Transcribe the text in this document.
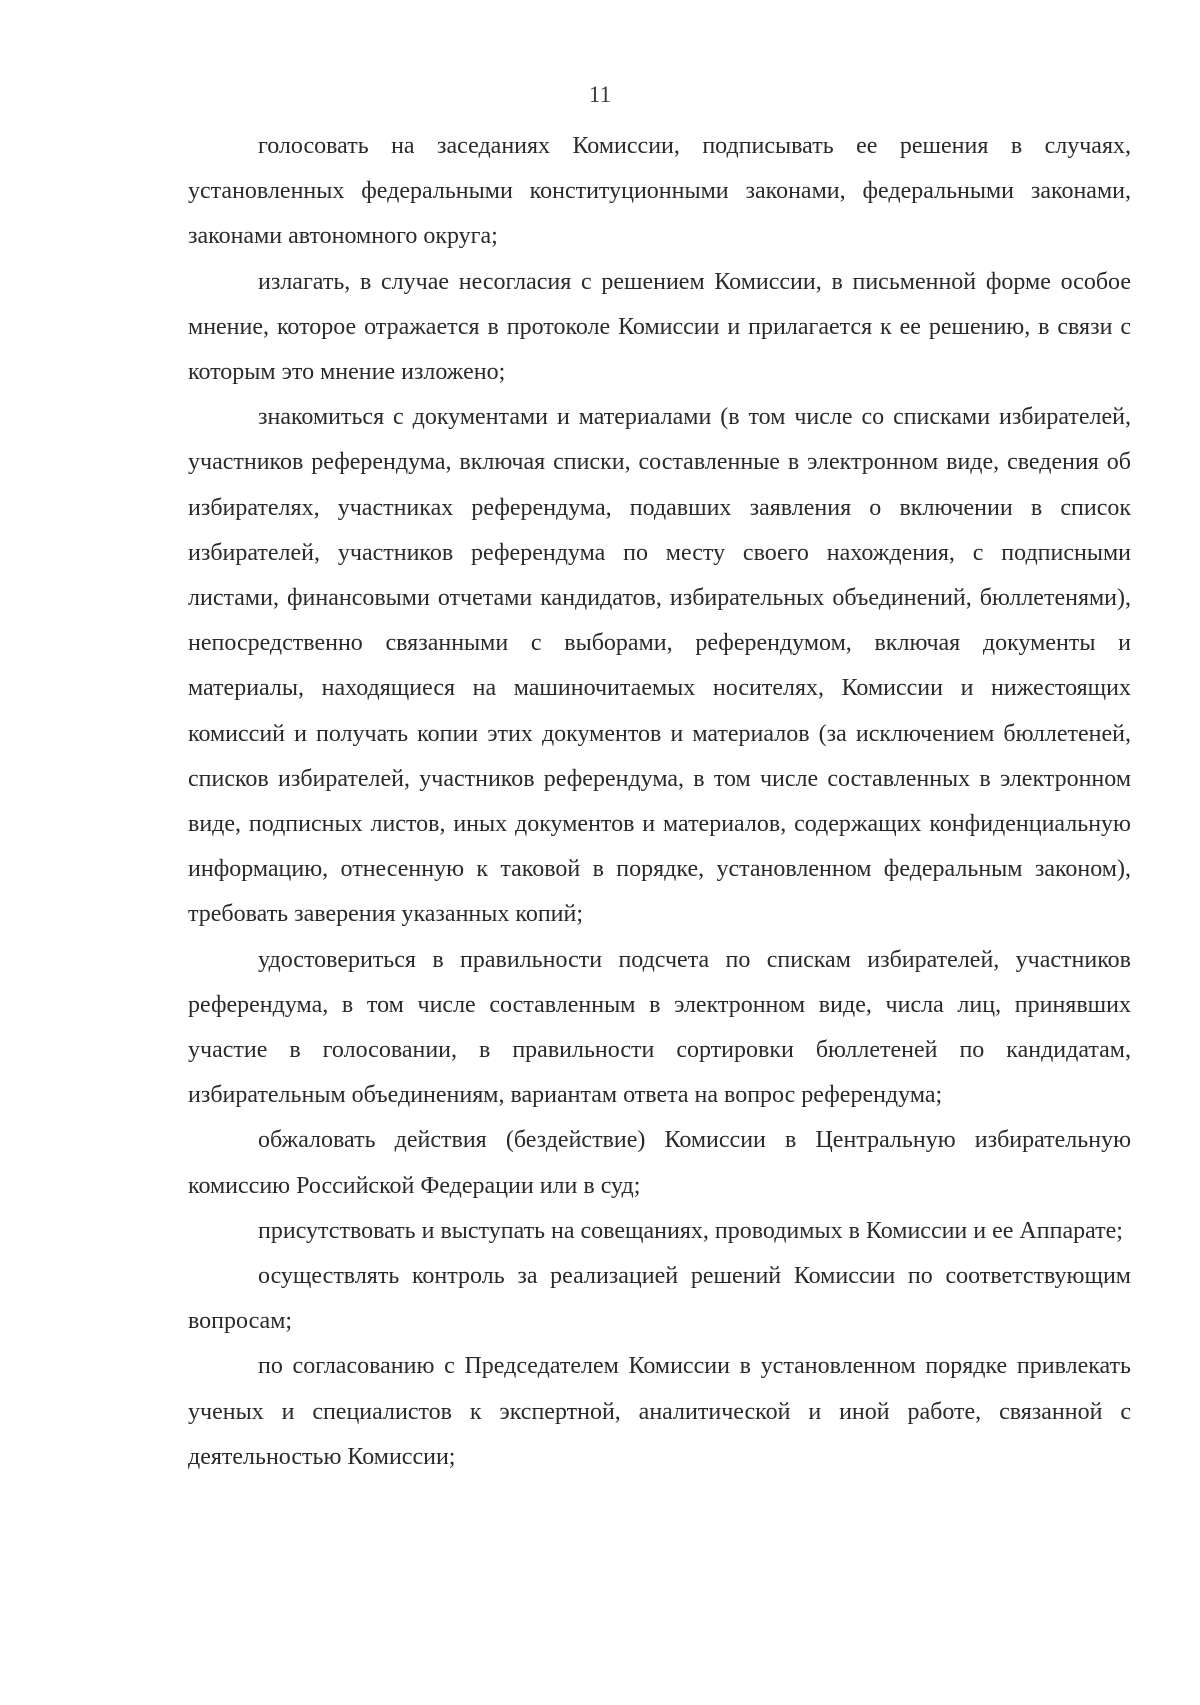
11

голосовать на заседаниях Комиссии, подписывать ее решения в случаях, установленных федеральными конституционными законами, федеральными законами, законами автономного округа;

излагать, в случае несогласия с решением Комиссии, в письменной форме особое мнение, которое отражается в протоколе Комиссии и прилагается к ее решению, в связи с которым это мнение изложено;

знакомиться с документами и материалами (в том числе со списками избирателей, участников референдума, включая списки, составленные в электронном виде, сведения об избирателях, участниках референдума, подавших заявления о включении в список избирателей, участников референдума по месту своего нахождения, с подписными листами, финансовыми отчетами кандидатов, избирательных объединений, бюллетенями), непосредственно связанными с выборами, референдумом, включая документы и материалы, находящиеся на машиночитаемых носителях, Комиссии и нижестоящих комиссий и получать копии этих документов и материалов (за исключением бюллетеней, списков избирателей, участников референдума, в том числе составленных в электронном виде, подписных листов, иных документов и материалов, содержащих конфиденциальную информацию, отнесенную к таковой в порядке, установленном федеральным законом), требовать заверения указанных копий;

удостовериться в правильности подсчета по спискам избирателей, участников референдума, в том числе составленным в электронном виде, числа лиц, принявших участие в голосовании, в правильности сортировки бюллетеней по кандидатам, избирательным объединениям, вариантам ответа на вопрос референдума;

обжаловать действия (бездействие) Комиссии в Центральную избирательную комиссию Российской Федерации или в суд;

присутствовать и выступать на совещаниях, проводимых в Комиссии и ее Аппарате;

осуществлять контроль за реализацией решений Комиссии по соответствующим вопросам;

по согласованию с Председателем Комиссии в установленном порядке привлекать ученых и специалистов к экспертной, аналитической и иной работе, связанной с деятельностью Комиссии;
